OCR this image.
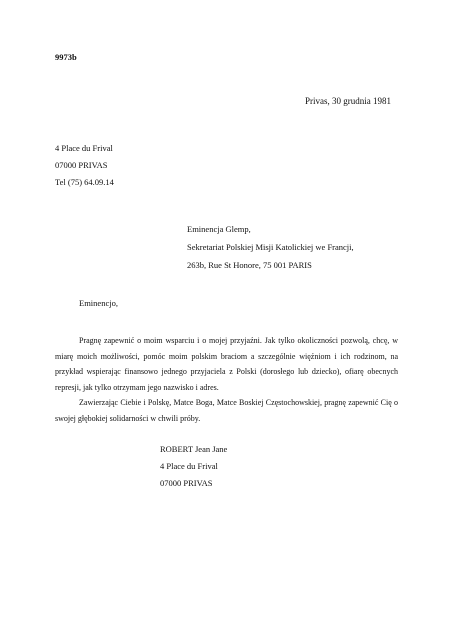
9973b
Privas, 30 grudnia 1981
4 Place du Frival
07000 PRIVAS
Tel (75) 64.09.14
Eminencja Glemp,
Sekretariat Polskiej Misji Katolickiej we Francji,
263b, Rue St Honore, 75 001 PARIS
Eminencjo,

Pragnę zapewnić o moim wsparciu i o mojej przyjaźni. Jak tylko okoliczności pozwolą, chcę, w miarę moich możliwości, pomóc moim polskim braciom a szczególnie więźniom i ich rodzinom, na przykład wspierając finansowo jednego przyjaciela z Polski (dorosłego lub dziecko), ofiarę obecnych represji, jak tylko otrzymam jego nazwisko i adres.

Zawierzając Ciebie i Polskę, Matce Boga, Matce Boskiej Częstochowskiej, pragnę zapewnić Cię o swojej głębokiej solidarności w chwili próby.

ROBERT Jean Jane
4 Place du Frival
07000 PRIVAS
